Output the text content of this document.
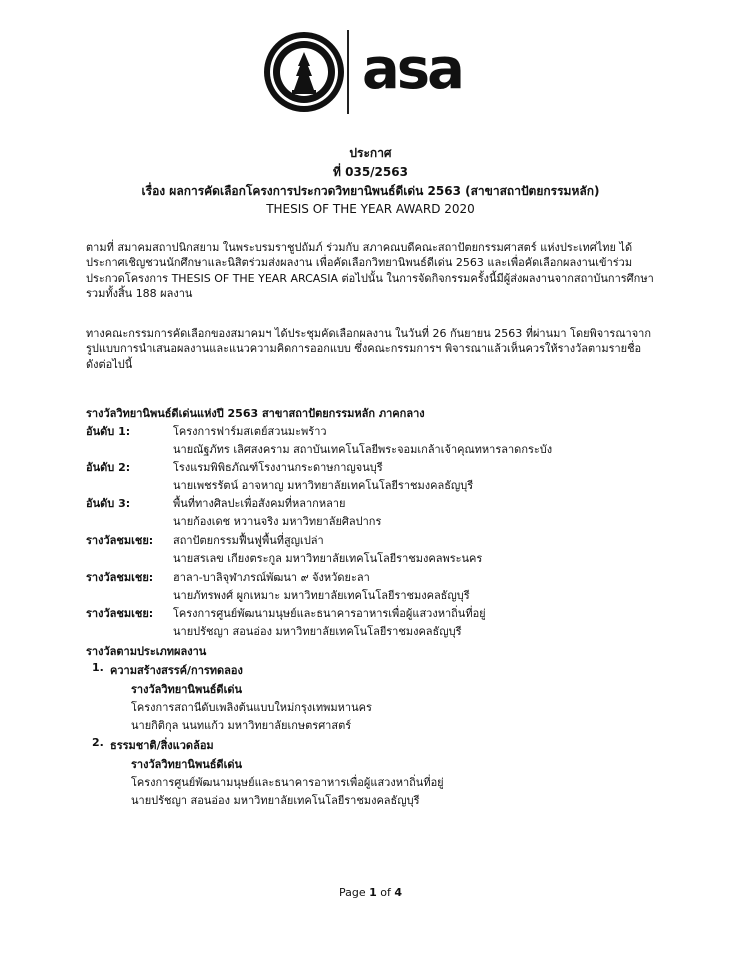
asa
ประกาศ
ที่ 035/2563
เรื่อง ผลการคัดเลือกโครงการประกวดวิทยานิพนธ์ดีเด่น 2563 (สาขาสถาปัตยกรรมหลัก)
THESIS OF THE YEAR AWARD 2020
ตามที่ สมาคมสถาปนิกสยาม ในพระบรมราชูปถัมภ์ ร่วมกับ สภาคณบดีคณะสถาปัตยกรรมศาสตร์ แห่งประเทศไทย ได้
ประกาศเชิญชวนนักศึกษาและนิสิตร่วมส่งผลงาน เพื่อคัดเลือกวิทยานิพนธ์ดีเด่น 2563 และเพื่อคัดเลือกผลงานเข้าร่วม
ประกวดโครงการ THESIS OF THE YEAR ARCASIA ต่อไปนั้น ในการจัดกิจกรรมครั้งนี้มีผู้ส่งผลงานจากสถาบันการศึกษา
รวมทั้งสิ้น 188 ผลงาน
ทางคณะกรรมการคัดเลือกของสมาคมฯ ได้ประชุมคัดเลือกผลงาน ในวันที่ 26 กันยายน 2563 ที่ผ่านมา โดยพิจารณาจาก
รูปแบบการนำเสนอผลงานและแนวความคิดการออกแบบ ซึ่งคณะกรรมการฯ พิจารณาแล้วเห็นควรให้รางวัลตามรายชื่อ
ดังต่อไปนี้
รางวัลวิทยานิพนธ์ดีเด่นแห่งปี 2563 สาขาสถาปัตยกรรมหลัก ภาคกลาง
อันดับ 1:	โครงการฟาร์มสเตย์สวนมะพร้าว
นายณัฐภัทร เลิศสงคราม สถาบันเทคโนโลยีพระจอมเกล้าเจ้าคุณทหารลาดกระบัง
อันดับ 2:	โรงแรมพิพิธภัณฑ์โรงงานกระดาษกาญจนบุรี
นายเพชรรัตน์ อาจหาญ มหาวิทยาลัยเทคโนโลยีราชมงคลธัญบุรี
อันดับ 3:	พื้นที่ทางศิลปะเพื่อสังคมที่หลากหลาย
นายก้องเดช หวานจริง มหาวิทยาลัยศิลปากร
รางวัลชมเชย: สถาปัตยกรรมฟื้นฟูพื้นที่สูญเปล่า
นายสรเลข เกียงตระกูล มหาวิทยาลัยเทคโนโลยีราชมงคลพระนคร
รางวัลชมเชย: ฮาลา-บาลิจุฬาภรณ์พัฒนา ๙ จังหวัดยะลา
นายภัทรพงศ์ ผูกเหมาะ มหาวิทยาลัยเทคโนโลยีราชมงคลธัญบุรี
รางวัลชมเชย: โครงการศูนย์พัฒนามนุษย์และธนาคารอาหารเพื่อผู้แสวงหาถิ่นที่อยู่
นายปรัชญา สอนอ่อง มหาวิทยาลัยเทคโนโลยีราชมงคลธัญบุรี
รางวัลตามประเภทผลงาน
1. ความสร้างสรรค์/การทดลอง
รางวัลวิทยานิพนธ์ดีเด่น
โครงการสถานีดับเพลิงต้นแบบใหม่กรุงเทพมหานคร
นายกิติกุล นนทแก้ว มหาวิทยาลัยเกษตรศาสตร์
2. ธรรมชาติ/สิ่งแวดล้อม
รางวัลวิทยานิพนธ์ดีเด่น
โครงการศูนย์พัฒนามนุษย์และธนาคารอาหารเพื่อผู้แสวงหาถิ่นที่อยู่
นายปรัชญา สอนอ่อง มหาวิทยาลัยเทคโนโลยีราชมงคลธัญบุรี
Page 1 of 4
